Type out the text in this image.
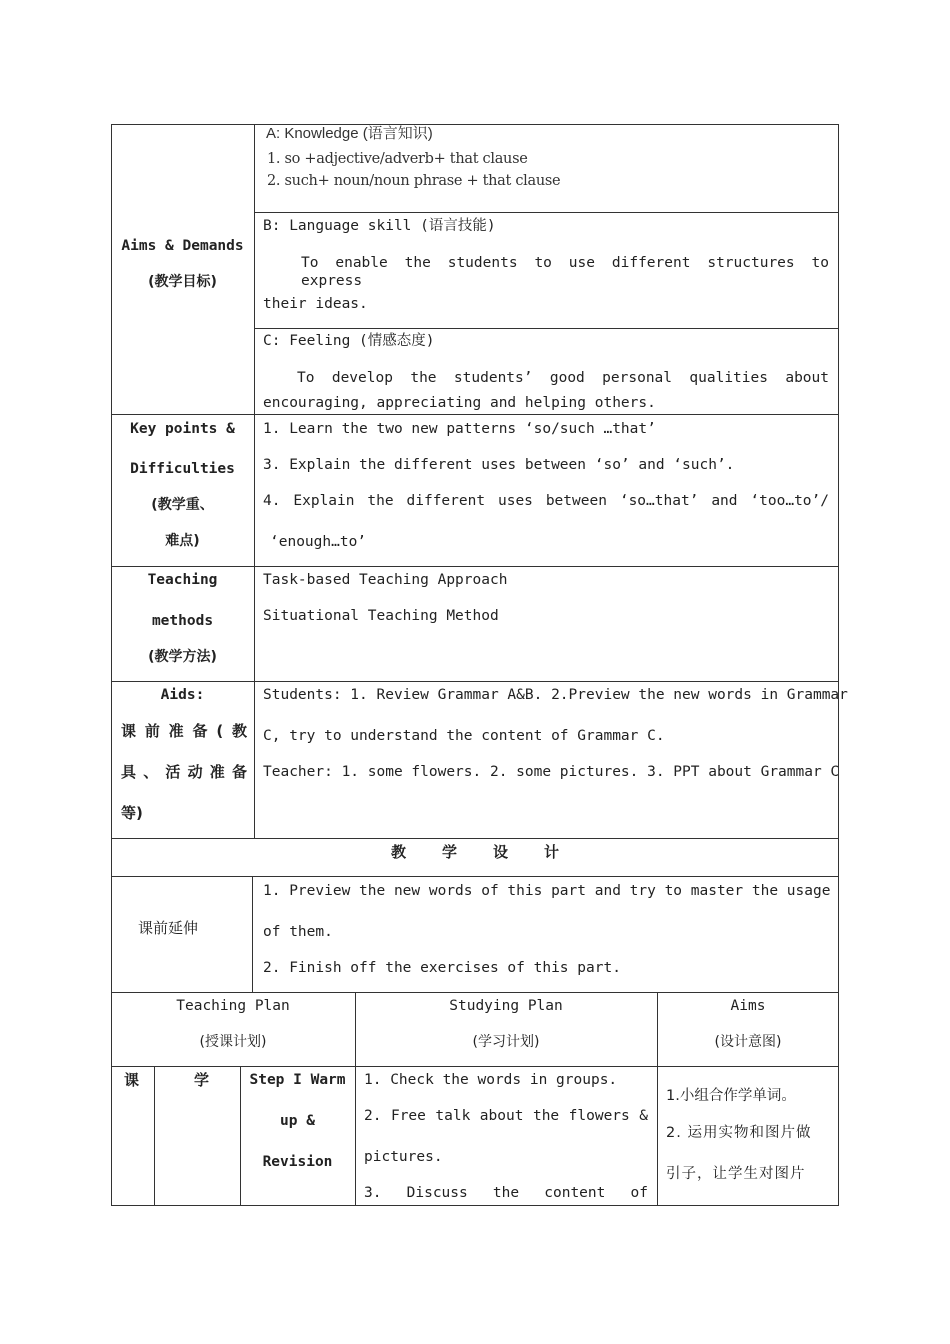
Aims & Demands
(教学目标)
A: Knowledge (语言知识)
1. so +adjective/adverb+ that clause
2. such+ noun/noun phrase + that clause
B: Language skill (语言技能)
To enable the students to use different structures to express
their ideas.
C: Feeling (情感态度)
To develop the students’ good personal qualities about
encouraging, appreciating and helping others.
Key points &
Difficulties
(教学重、
难点)
1. Learn the two new patterns ‘so/such …that’
3. Explain the different uses between ‘so’ and ‘such’.
4. Explain the different uses between ‘so…that’ and ‘too…to’/
‘enough…to’
Teaching
methods
(教学方法)
Task-based Teaching Approach
Situational Teaching Method
Aids:
课前准备(教
具、活动准备
等)
Students: 1. Review Grammar A&B. 2.Preview the new words in Grammar
C, try to understand the content of Grammar C.
Teacher: 1. some flowers. 2. some pictures. 3. PPT about Grammar C
教学设计
课前延伸
1. Preview the new words of this part and try to master the usage
of them.
2. Finish off the exercises of this part.
Teaching Plan
(授课计划)
Studying Plan
(学习计划)
Aims
(设计意图)
课	学	Step I Warm
up &
Revision
1. Check the words in groups.
2. Free talk about the flowers &
pictures.
3. Discuss the content of
1.小组合作学单词。
2. 运用实物和图片做
引子，让学生对图片
